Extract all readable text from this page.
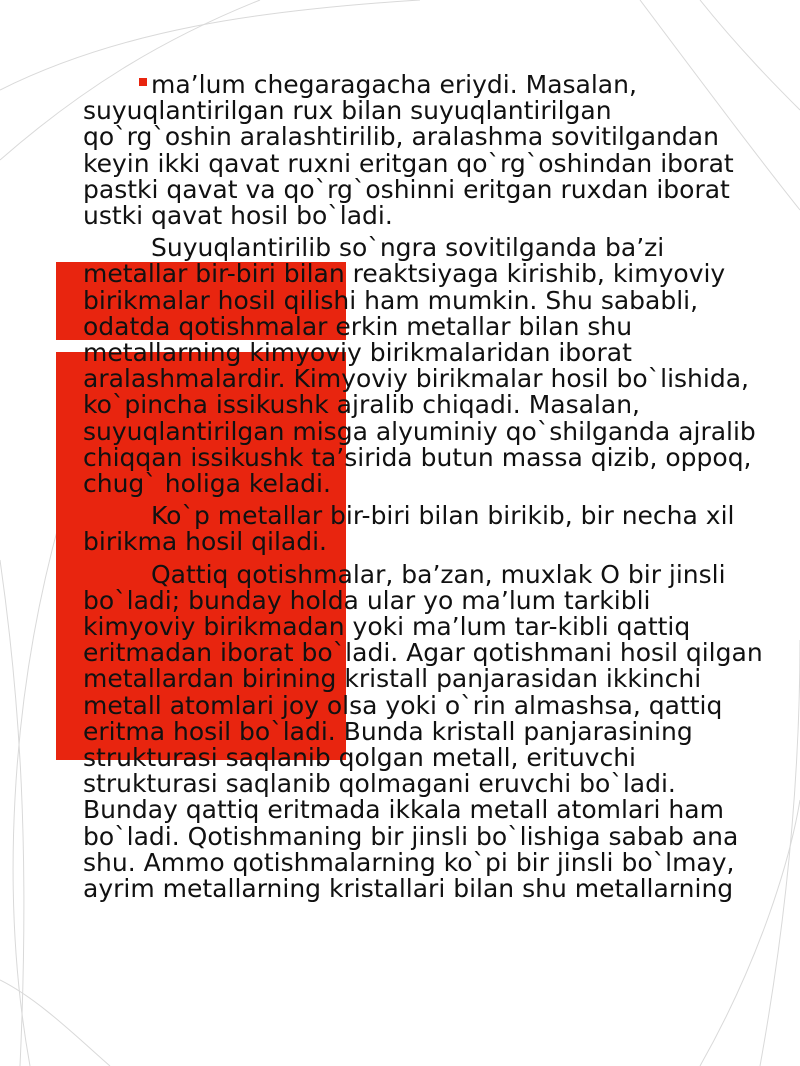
ma’lum chegaragacha eriydi. Masalan, suyuqlantirilgan rux bilan suyuqlantirilgan qo`rg`oshin aralashtirilib, aralashma sovitilgandan keyin ikki qavat ruxni eritgan qo`rg`oshindan iborat pastki qavat va qo`rg`oshinni eritgan ruxdan iborat ustki qavat hosil bo`ladi.

Suyuqlantirilib so`ngra sovitilganda ba’zi metallar bir-biri bilan reaktsiyaga kirishib, kimyoviy birikmalar hosil qilishi ham mumkin. Shu sababli, odatda qotishmalar erkin metallar bilan shu metallarning kimyoviy birikmalaridan iborat aralashmalardir. Kimyoviy birikmalar hosil bo`lishida, ko`pincha issikushk ajralib chiqadi. Masalan, suyuqlantirilgan misga alyuminiy qo`shilganda ajralib chiqqan issikushk ta’sirida butun massa qizib, oppoq, chug` holiga keladi.

Ko`p metallar bir-biri bilan birikib, bir necha xil birikma hosil qiladi.

Qattiq qotishmalar, ba’zan, muxlak O bir jinsli bo`ladi; bunday holda ular yo ma’lum tarkibli kimyoviy birikmadan yoki ma’lum tar-kibli qattiq eritmadan iborat bo`ladi. Agar qotishmani hosil qilgan metallardan birining kristall panjarasidan ikkinchi metall atomlari joy olsa yoki o`rin almashsa, qattiq eritma hosil bo`ladi. Bunda kristall panjarasining strukturasi saqlanib qolgan metall, erituvchi strukturasi saqlanib qolmagani eruvchi bo`ladi. Bunday qattiq eritmada ikkala metall atomlari ham bo`ladi. Qotishmaning bir jinsli bo`lishiga sabab ana shu. Ammo qotishmalarning ko`pi bir jinsli bo`lmay, ayrim metallarning kristallari bilan shu metallarning
